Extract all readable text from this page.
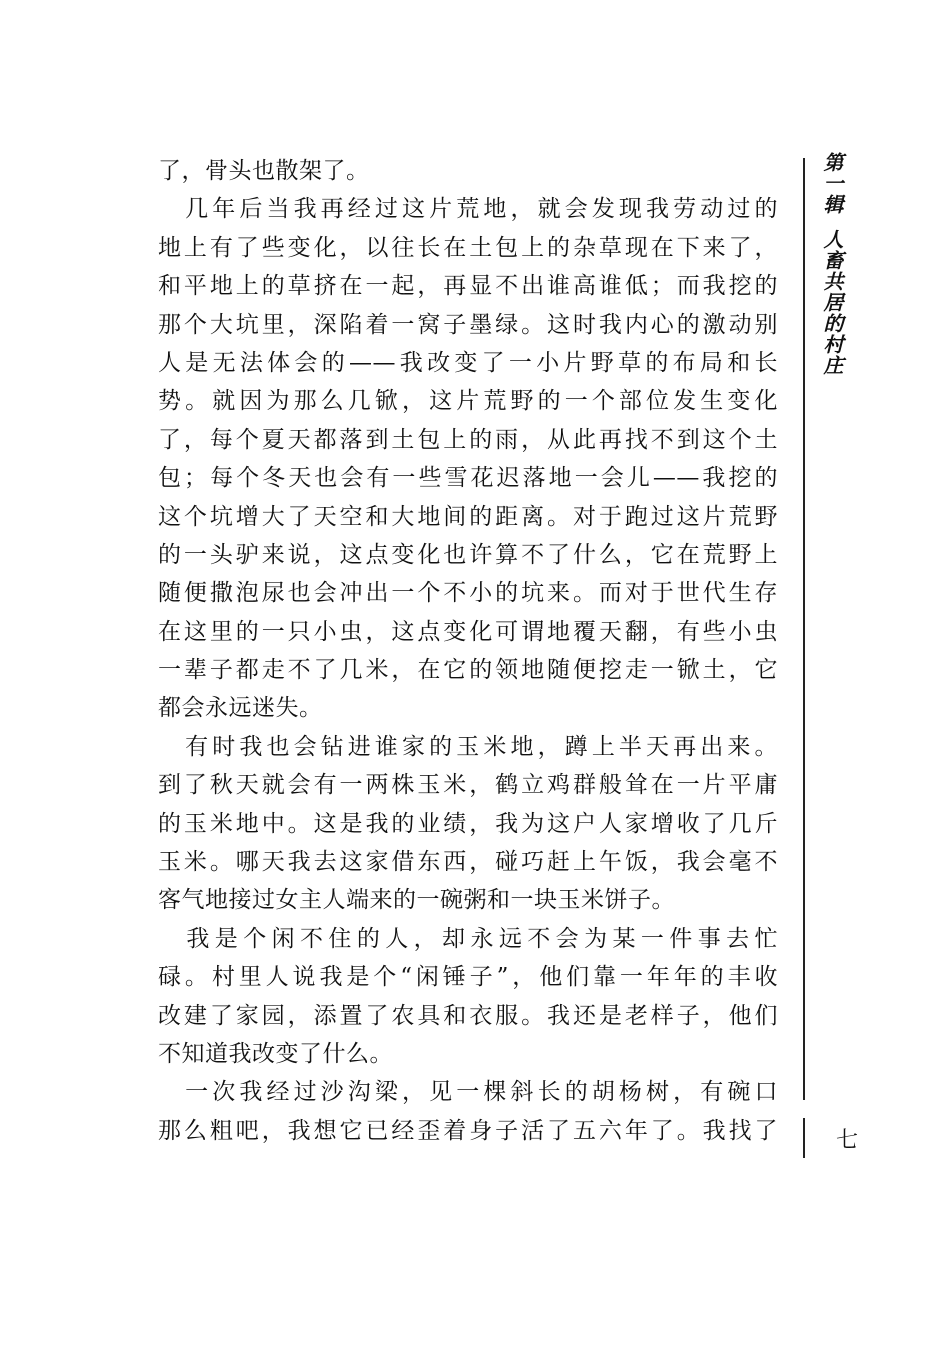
了，骨头也散架了。
　几年后当我再经过这片荒地，就会发现我劳动过的
地上有了些变化，以往长在土包上的杂草现在下来了，
和平地上的草挤在一起，再显不出谁高谁低；而我挖的
那个大坑里，深陷着一窝子墨绿。这时我内心的激动别
人是无法体会的——我改变了一小片野草的布局和长
势。就因为那么几锨，这片荒野的一个部位发生变化
了，每个夏天都落到土包上的雨，从此再找不到这个土
包；每个冬天也会有一些雪花迟落地一会儿——我挖的
这个坑增大了天空和大地间的距离。对于跑过这片荒野
的一头驴来说，这点变化也许算不了什么，它在荒野上
随便撒泡尿也会冲出一个不小的坑来。而对于世代生存
在这里的一只小虫，这点变化可谓地覆天翻，有些小虫
一辈子都走不了几米，在它的领地随便挖走一锨土，它
都会永远迷失。
　有时我也会钻进谁家的玉米地，蹲上半天再出来。
到了秋天就会有一两株玉米，鹤立鸡群般耸在一片平庸
的玉米地中。这是我的业绩，我为这户人家增收了几斤
玉米。哪天我去这家借东西，碰巧赶上午饭，我会毫不
客气地接过女主人端来的一碗粥和一块玉米饼子。
　我是个闲不住的人，却永远不会为某一件事去忙
碌。村里人说我是个“闲锤子”，他们靠一年年的丰收
改建了家园，添置了农具和衣服。我还是老样子，他们
不知道我改变了什么。
　一次我经过沙沟梁，见一棵斜长的胡杨树，有碗口
那么粗吧，我想它已经歪着身子活了五六年了。我找了
第一辑人畜共居的村庄
七
